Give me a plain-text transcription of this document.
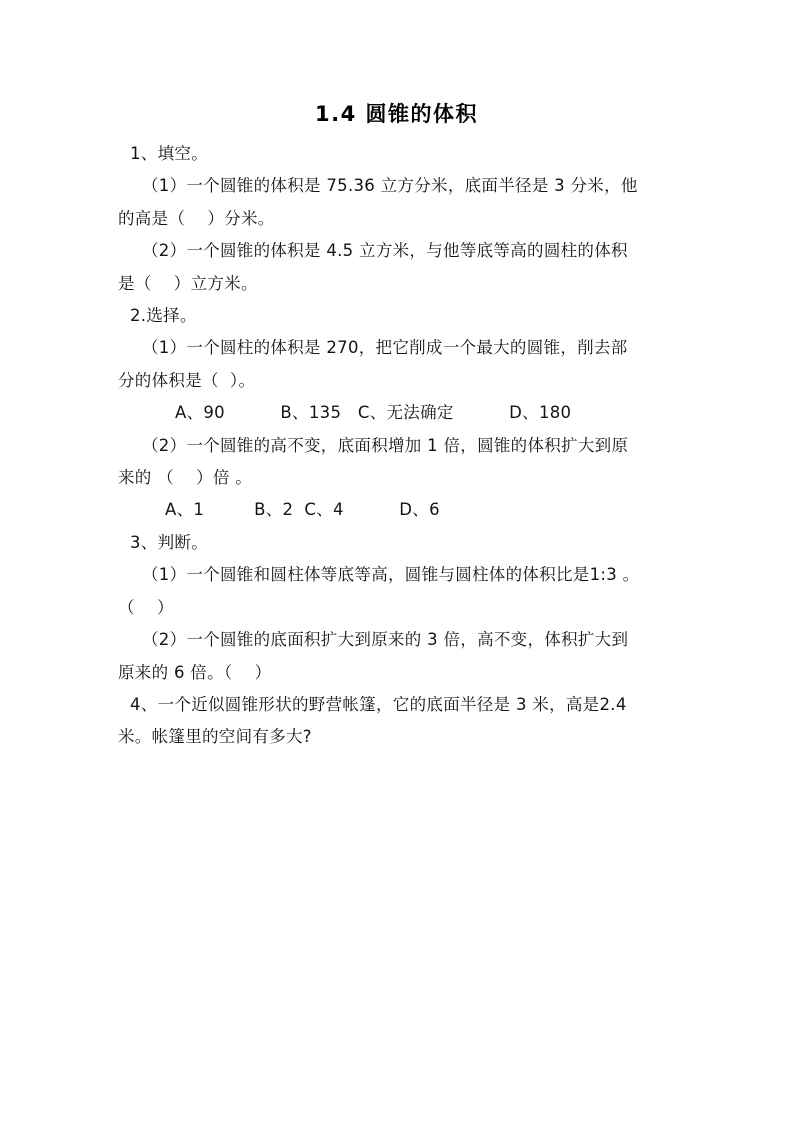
1.4 圆锥的体积
1、填空。
（1）一个圆锥的体积是 75.36 立方分米，底面半径是 3 分米，他
的高是（    ）分米。
（2）一个圆锥的体积是 4.5 立方米，与他等底等高的圆柱的体积
是（    ）立方米。
2.选择。
（1）一个圆柱的体积是 270，把它削成一个最大的圆锥，削去部
分的体积是（  ）。
A、90          B、135   C、无法确定          D、180
（2）一个圆锥的高不变，底面积增加 1 倍，圆锥的体积扩大到原
来的 （    ）倍 。
A、1         B、2  C、4          D、6
3、判断。
（1）一个圆锥和圆柱体等底等高，圆锥与圆柱体的体积比是1:3 。
（    ）
（2）一个圆锥的底面积扩大到原来的 3 倍，高不变，体积扩大到
原来的 6 倍。（    ）
4、一个近似圆锥形状的野营帐篷，它的底面半径是 3 米，高是2.4
米。帐篷里的空间有多大?
